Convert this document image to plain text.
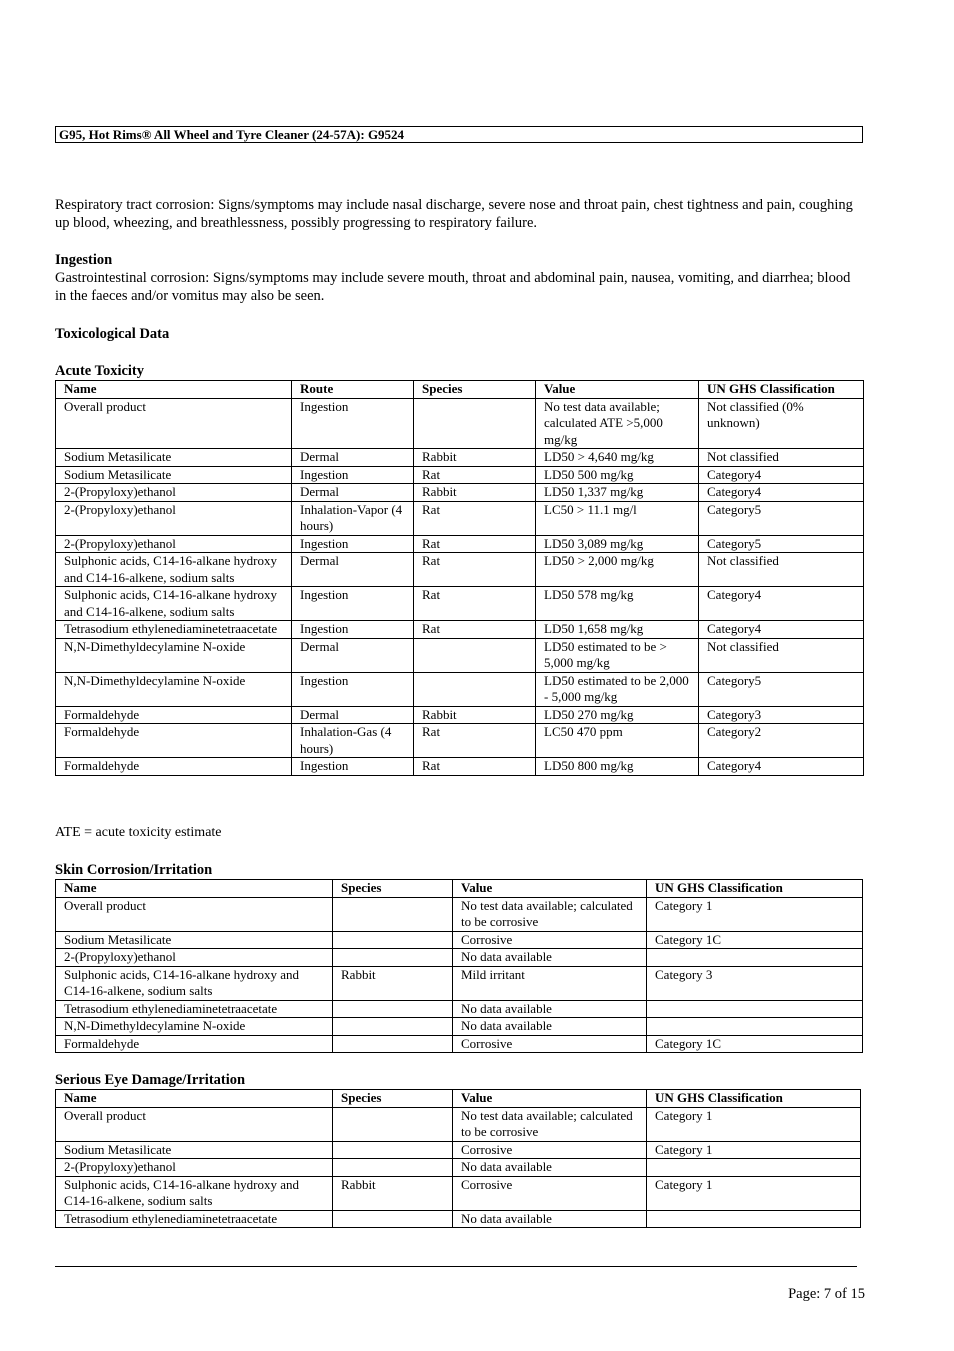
G95, Hot Rims® All Wheel and Tyre Cleaner (24-57A): G9524
Respiratory tract corrosion: Signs/symptoms may include nasal discharge, severe nose and throat pain, chest tightness and pain, coughing up blood, wheezing, and breathlessness, possibly progressing to respiratory failure.
Ingestion
Gastrointestinal corrosion: Signs/symptoms may include severe mouth, throat and abdominal pain, nausea, vomiting, and diarrhea; blood in the faeces and/or vomitus may also be seen.
Toxicological Data
Acute Toxicity
Name	Route	Species	Value	UN GHS Classification
Overall product	Ingestion		No test data available; calculated ATE >5,000 mg/kg	Not classified (0% unknown)
Sodium Metasilicate	Dermal	Rabbit	LD50 > 4,640 mg/kg	Not classified
Sodium Metasilicate	Ingestion	Rat	LD50 500 mg/kg	Category4
2-(Propyloxy)ethanol	Dermal	Rabbit	LD50 1,337 mg/kg	Category4
2-(Propyloxy)ethanol	Inhalation-Vapor (4 hours)	Rat	LC50 > 11.1 mg/l	Category5
2-(Propyloxy)ethanol	Ingestion	Rat	LD50 3,089 mg/kg	Category5
Sulphonic acids, C14-16-alkane hydroxy and C14-16-alkene, sodium salts	Dermal	Rat	LD50 > 2,000 mg/kg	Not classified
Sulphonic acids, C14-16-alkane hydroxy and C14-16-alkene, sodium salts	Ingestion	Rat	LD50 578 mg/kg	Category4
Tetrasodium ethylenediaminetetraacetate	Ingestion	Rat	LD50 1,658 mg/kg	Category4
N,N-Dimethyldecylamine N-oxide	Dermal		LD50 estimated to be > 5,000 mg/kg	Not classified
N,N-Dimethyldecylamine N-oxide	Ingestion		LD50 estimated to be 2,000 - 5,000 mg/kg	Category5
Formaldehyde	Dermal	Rabbit	LD50 270 mg/kg	Category3
Formaldehyde	Inhalation-Gas (4 hours)	Rat	LC50 470 ppm	Category2
Formaldehyde	Ingestion	Rat	LD50 800 mg/kg	Category4
ATE = acute toxicity estimate
Skin Corrosion/Irritation
Name	Species	Value	UN GHS Classification
Overall product		No test data available; calculated to be corrosive	Category 1
Sodium Metasilicate		Corrosive	Category 1C
2-(Propyloxy)ethanol		No data available	
Sulphonic acids, C14-16-alkane hydroxy and C14-16-alkene, sodium salts	Rabbit	Mild irritant	Category 3
Tetrasodium ethylenediaminetetraacetate		No data available	
N,N-Dimethyldecylamine N-oxide		No data available	
Formaldehyde		Corrosive	Category 1C
Serious Eye Damage/Irritation
Name	Species	Value	UN GHS Classification
Overall product		No test data available; calculated to be corrosive	Category 1
Sodium Metasilicate		Corrosive	Category 1
2-(Propyloxy)ethanol		No data available	
Sulphonic acids, C14-16-alkane hydroxy and C14-16-alkene, sodium salts	Rabbit	Corrosive	Category 1
Tetrasodium ethylenediaminetetraacetate		No data available	
Page: 7 of 15
